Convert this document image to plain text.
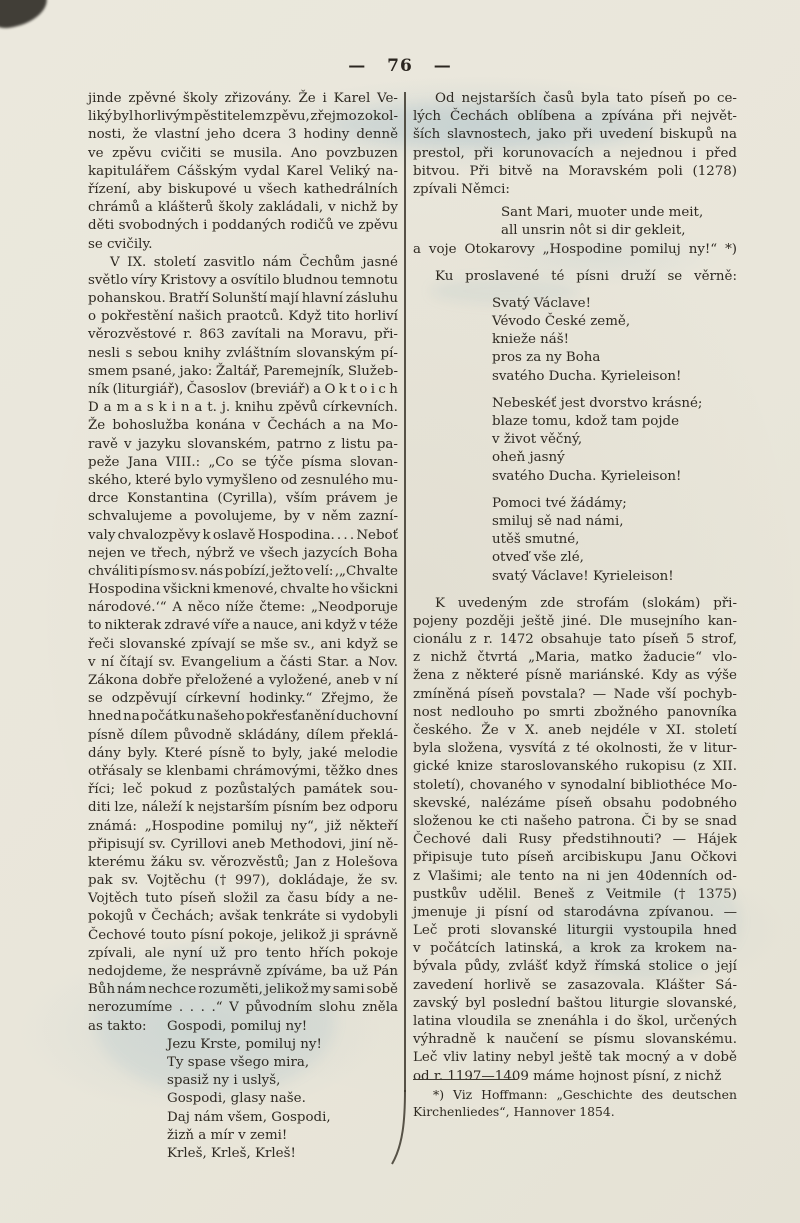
— 76 —
jinde zpěvné školy zřizovány. Že i Karel Ve-
liký byl horlivým pěstitelem zpěvu, zřejmo z okol-
nosti, že vlastní jeho dcera 3 hodiny denně
ve zpěvu cvičiti se musila. Ano povzbuzen
kapitulářem Cášským vydal Karel Veliký na-
řízení, aby biskupové u všech kathedrálních
chrámů a klášterů školy zakládali, v nichž by
děti svobodných i poddaných rodičů ve zpěvu
se cvičily.
V IX. století zasvitlo nám Čechům jasné
světlo víry Kristovy a osvítilo bludnou temnotu
pohanskou. Bratří Solunští mají hlavní zásluhu
o pokřestění našich praotců. Když tito horliví
věrozvěstové r. 863 zavítali na Moravu, při-
nesli s sebou knihy zvláštním slovanským pí-
smem psané, jako: Žaltář, Paremejník, Služeb-
ník (liturgiář), Časoslov (breviář) a O k t o i c h
D a m a s k i n a t. j. knihu zpěvů církevních.
Že bohoslužba konána v Čechách a na Mo-
ravě v jazyku slovanském, patrno z listu pa-
peže Jana VIII.: „Co se týče písma slovan-
ského, které bylo vymyšleno od zesnulého mu-
drce Konstantina (Cyrilla), vším právem je
schvalujeme a povolujeme, by v něm zazní-
valy chvalozpěvy k oslavě Hospodina. . . . Neboť
nejen ve třech, nýbrž ve všech jazycích Boha
chváliti písmo sv. nás pobízí, ježto velí: ‚„Chvalte
Hospodina všickni kmenové, chvalte ho všickni
národové.‘“ A něco níže čteme: „Neodporuje
to nikterak zdravé víře a nauce, ani když v téže
řeči slovanské zpívají se mše sv., ani když se
v ní čítají sv. Evangelium a části Star. a Nov.
Zákona dobře přeložené a vyložené, aneb v ní
se odzpěvují církevní hodinky.“ Zřejmo, že
hned na počátku našeho pokřesťanění duchovní
písně dílem původně skládány, dílem překlá-
dány byly. Které písně to byly, jaké melodie
otřásaly se klenbami chrámovými, těžko dnes
říci; leč pokud z pozůstalých památek sou-
diti lze, náleží k nejstarším písním bez odporu
známá: „Hospodine pomiluj ny“, již někteří
připisují sv. Cyrillovi aneb Methodovi, jiní ně-
kterému žáku sv. věrozvěstů; Jan z Holešova
pak sv. Vojtěchu († 997), dokládaje, že sv.
Vojtěch tuto píseň složil za času bídy a ne-
pokojů v Čechách; avšak tenkráte si vydobyli
Čechové touto písní pokoje, jelikož ji správně
zpívali, ale nyní už pro tento hřích pokoje
nedojdeme, že nesprávně zpíváme, ba už Pán
Bůh nám nechce rozuměti, jelikož my sami sobě
nerozumíme . . . .“ V původním slohu zněla
as takto: Gospodi, pomiluj ny!
Jezu Krste, pomiluj ny!
Ty spase všego mira,
spasiž ny i uslyš,
Gospodi, glasy naše.
Daj nám všem, Gospodi,
žizň a mír v zemi!
Krleš, Krleš, Krleš!
Od nejstarších časů byla tato píseň po ce-
lých Čechách oblíbena a zpívána při největ-
ších slavnostech, jako při uvedení biskupů na
prestol, při korunovacích a nejednou i před
bitvou. Při bitvě na Moravském poli (1278)
zpívali Němci:
Sant Mari, muoter unde meit,
all unsrin nôt si dir gekleit,
a voje Otokarovy „Hospodine pomiluj ny!“ *)
Ku proslavené té písni druží se věrně:
Svatý Václave!
Vévodo České země,
knieže náš!
pros za ny Boha
svatého Ducha. Kyrieleison!
Nebeskéť jest dvorstvo krásné;
blaze tomu, kdož tam pojde
v život věčný,
oheň jasný
svatého Ducha. Kyrieleison!
Pomoci tvé žádámy;
smiluj sě nad námi,
utěš smutné,
otveď vše zlé,
svatý Václave! Kyrieleison!
K uvedeným zde strofám (slokám) při-
pojeny později ještě jiné. Dle musejního kan-
cionálu z r. 1472 obsahuje tato píseň 5 strof,
z nichž čtvrtá „Maria, matko žaducie“ vlo-
žena z některé písně mariánské. Kdy as výše
zmíněná píseň povstala? — Nade vší pochyb-
nost nedlouho po smrti zbožného panovníka
českého. Že v X. aneb nejdéle v XI. století
byla složena, vysvítá z té okolnosti, že v litur-
gické knize staroslovanského rukopisu (z XII.
století), chovaného v synodalní bibliothéce Mo-
skevské, nalézáme píseň obsahu podobného
složenou ke cti našeho patrona. Či by se snad
Čechové dali Rusy předstihnouti? — Hájek
připisuje tuto píseň arcibiskupu Janu Očkovi
z Vlašimi; ale tento na ni jen 40denních od-
pustkův udělil. Beneš z Veitmile († 1375)
jmenuje ji písní od starodávna zpívanou. —
Leč proti slovanské liturgii vystoupila hned
v počátcích latinská, a krok za krokem na-
bývala půdy, zvlášť když římská stolice o její
zavedení horlivě se zasazovala. Klášter Sá-
zavský byl poslední baštou liturgie slovanské,
latina vloudila se znenáhla i do škol, určených
výhradně k naučení se písmu slovanskému.
Leč vliv latiny nebyl ještě tak mocný a v době
od r. 1197—1409 máme hojnost písní, z nichž
*) Viz Hoffmann: „Geschichte des deutschen
Kirchenliedes“, Hannover 1854.
